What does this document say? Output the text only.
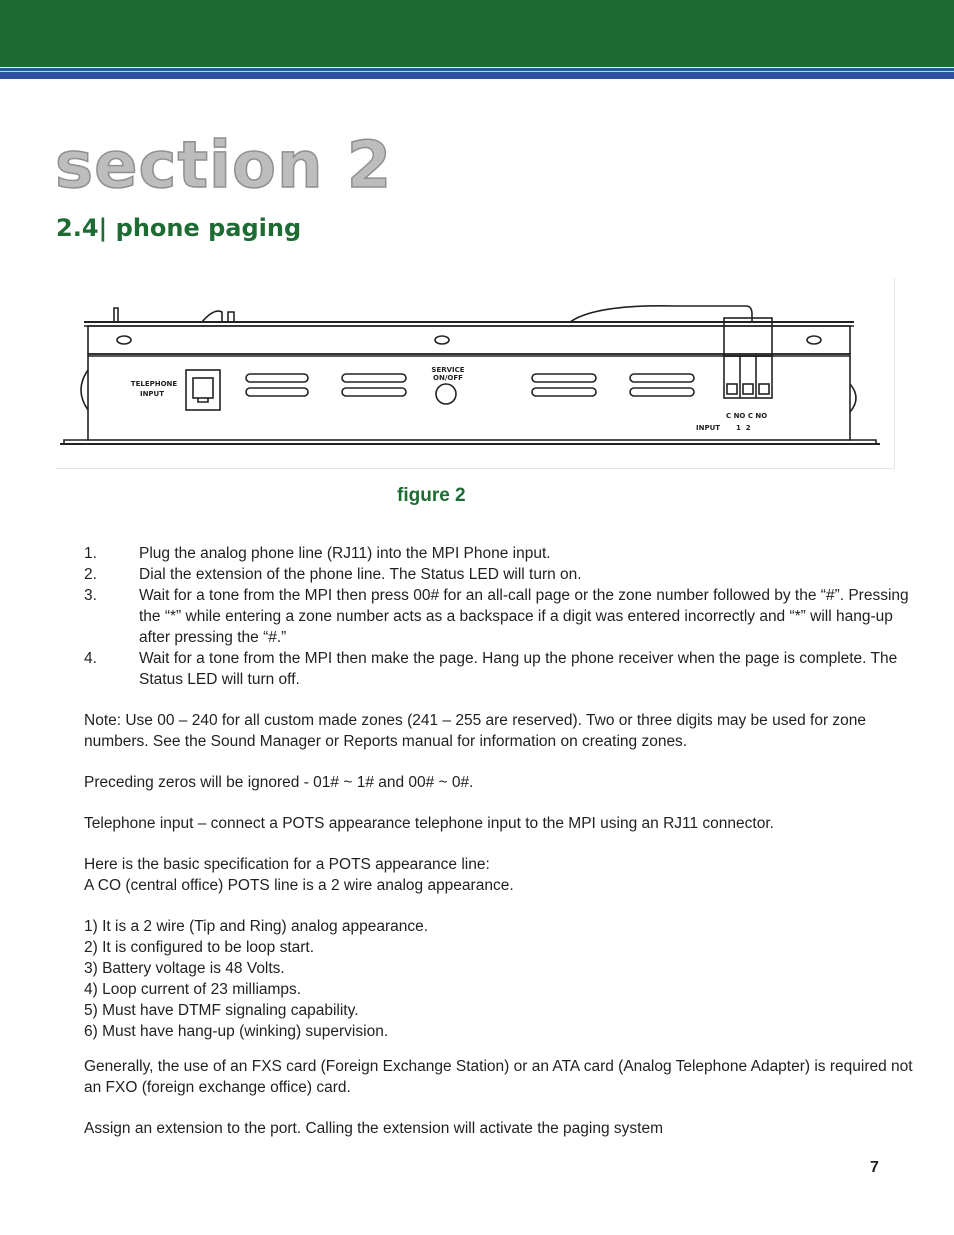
section 2
2.4| phone paging
TELEPHONE
INPUT
SERVICE
ON/OFF
C NO C NO
1  2
INPUT
figure 2
1.	Plug the analog phone line (RJ11) into the MPI Phone input.
2.	Dial the extension of the phone line. The Status LED will turn on.
3.	Wait for a tone from the MPI then press 00# for an all-call page or the zone number followed by the “#”. Pressing the “*” while entering a zone number acts as a backspace if a digit was entered incorrectly and “*” will hang-up after pressing the “#.”
4.	Wait for a tone from the MPI then make the page. Hang up the phone receiver when the page is complete. The Status LED will turn off.

Note: Use 00 – 240 for all custom made zones (241 – 255 are reserved). Two or three digits may be used for zone numbers. See the Sound Manager or Reports manual for information on creating zones.

Preceding zeros will be ignored - 01# ~ 1# and 00# ~ 0#.

Telephone input – connect a POTS appearance telephone input to the MPI using an RJ11 connector.

Here is the basic specification for a POTS appearance line:

A CO (central office) POTS line is a 2 wire analog appearance.

1) It is a 2 wire (Tip and Ring) analog appearance.

2) It is configured to be loop start.

3) Battery voltage is 48 Volts.

4) Loop current of 23 milliamps.

5) Must have DTMF signaling capability.

6) Must have hang-up (winking) supervision.

Generally, the use of an FXS card (Foreign Exchange Station) or an ATA card (Analog Telephone Adapter) is required not an FXO (foreign exchange office) card.

Assign an extension to the port. Calling the extension will activate the paging system

7
